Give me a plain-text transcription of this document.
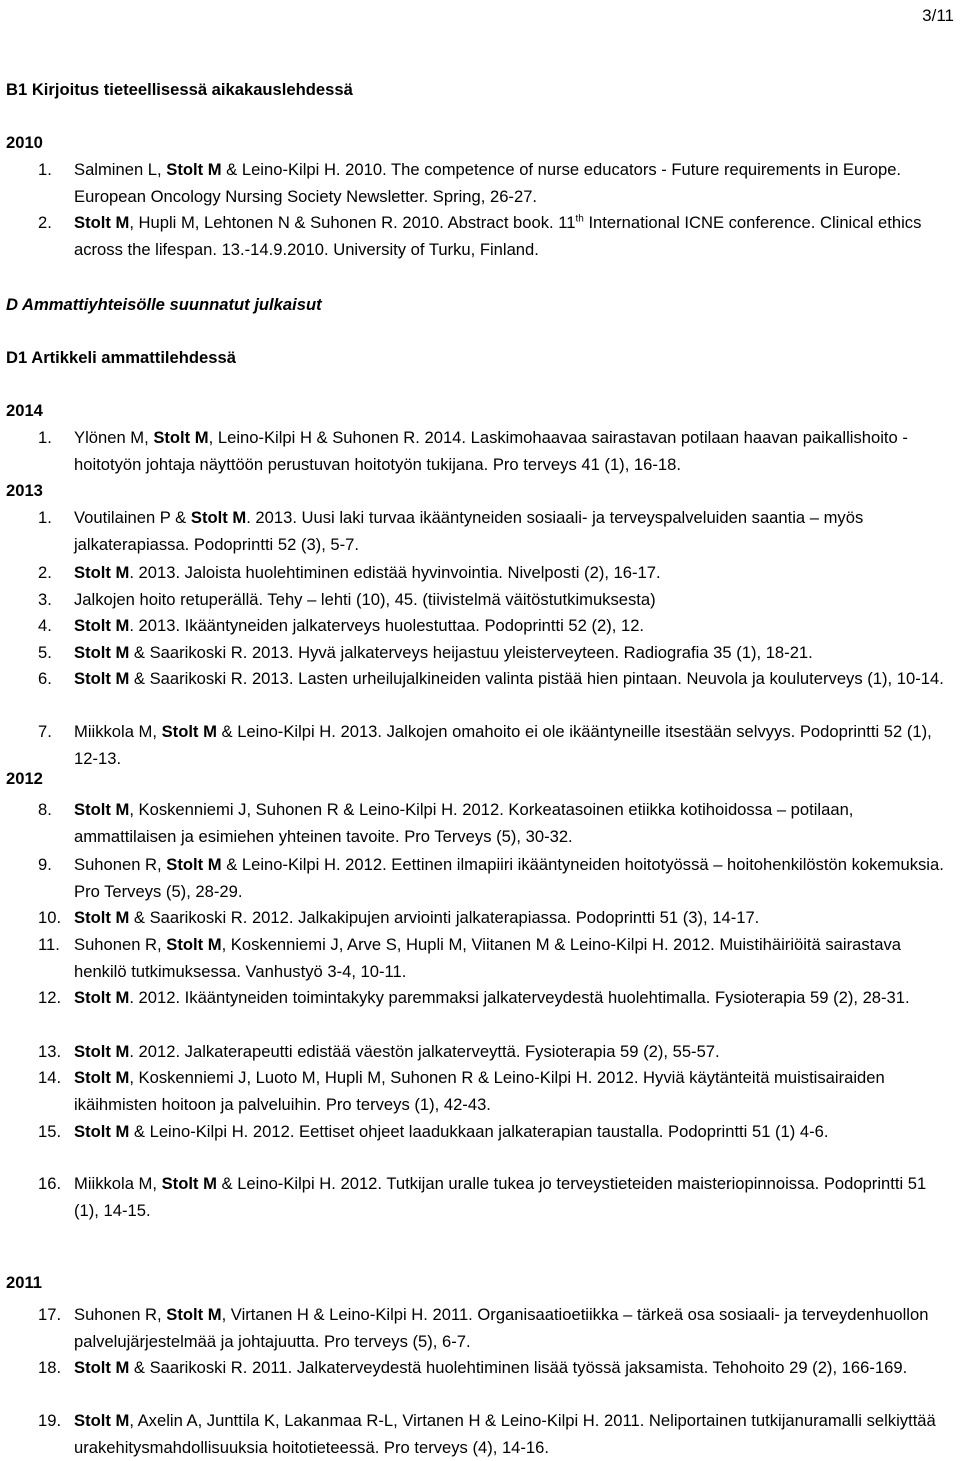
3/11
B1 Kirjoitus tieteellisessä aikakauslehdessä
2010
1.	Salminen L, Stolt M & Leino-Kilpi H. 2010. The competence of nurse educators - Future requirements in Europe. European Oncology Nursing Society Newsletter. Spring, 26-27.
2.	Stolt M, Hupli M, Lehtonen N & Suhonen R. 2010. Abstract book. 11th International ICNE conference. Clinical ethics across the lifespan. 13.-14.9.2010. University of Turku, Finland.
D Ammattiyhteisölle suunnatut julkaisut
D1 Artikkeli ammattilehdessä
2014
1.	Ylönen M, Stolt M, Leino-Kilpi H & Suhonen R. 2014. Laskimohaavaa sairastavan potilaan haavan paikallishoito - hoitotyön johtaja näyttöön perustuvan hoitotyön tukijana. Pro terveys 41 (1), 16-18.
2013
1.	Voutilainen P & Stolt M. 2013. Uusi laki turvaa ikääntyneiden sosiaali- ja terveyspalveluiden saantia – myös jalkaterapiassa. Podoprintti 52 (3), 5-7.
2.	Stolt M. 2013. Jaloista huolehtiminen edistää hyvinvointia. Nivelposti (2), 16-17.
3.	Jalkojen hoito retuperällä. Tehy – lehti (10), 45. (tiivistelmä väitöstutkimuksesta)
4.	Stolt M. 2013. Ikääntyneiden jalkaterveys huolestuttaa. Podoprintti 52 (2), 12.
5.	Stolt M & Saarikoski R. 2013. Hyvä jalkaterveys heijastuu yleisterveyteen. Radiografia 35 (1), 18-21.
6.	Stolt M & Saarikoski R. 2013. Lasten urheilujalkineiden valinta pistää hien pintaan. Neuvola ja kouluterveys (1), 10-14.
7.	Miikkola M, Stolt M & Leino-Kilpi H. 2013. Jalkojen omahoito ei ole ikääntyneille itsestään selvyys. Podoprintti 52 (1), 12-13.
2012
8.	Stolt M, Koskenniemi J, Suhonen R & Leino-Kilpi H. 2012. Korkeatasoinen etiikka kotihoidossa – potilaan, ammattilaisen ja esimiehen yhteinen tavoite. Pro Terveys (5), 30-32.
9.	Suhonen R, Stolt M & Leino-Kilpi H. 2012. Eettinen ilmapiiri ikääntyneiden hoitotyössä – hoitohenkilöstön kokemuksia. Pro Terveys (5), 28-29.
10. Stolt M & Saarikoski R. 2012. Jalkakipujen arviointi jalkaterapiassa. Podoprintti 51 (3), 14-17.
11. Suhonen R, Stolt M, Koskenniemi J, Arve S, Hupli M, Viitanen M & Leino-Kilpi H. 2012. Muistihäiriöitä sairastava henkilö tutkimuksessa. Vanhustyö 3-4, 10-11.
12. Stolt M. 2012. Ikääntyneiden toimintakyky paremmaksi jalkaterveydestä huolehtimalla. Fysioterapia 59 (2), 28-31.
13. Stolt M. 2012. Jalkaterapeutti edistää väestön jalkaterveyttä. Fysioterapia 59 (2), 55-57.
14. Stolt M, Koskenniemi J, Luoto M, Hupli M, Suhonen R & Leino-Kilpi H. 2012. Hyviä käytänteitä muistisairaiden ikäihmisten hoitoon ja palveluihin. Pro terveys (1), 42-43.
15. Stolt M & Leino-Kilpi H. 2012. Eettiset ohjeet laadukkaan jalkaterapian taustalla. Podoprintti 51 (1) 4-6.
16. Miikkola M, Stolt M & Leino-Kilpi H. 2012. Tutkijan uralle tukea jo terveystieteiden maisteriopinnoissa. Podoprintti 51 (1), 14-15.
2011
17. Suhonen R, Stolt M, Virtanen H & Leino-Kilpi H. 2011. Organisaatioetiikka – tärkeä osa sosiaali- ja terveydenhuollon palvelujärjestelmää ja johtajuutta. Pro terveys (5), 6-7.
18. Stolt M & Saarikoski R. 2011. Jalkaterveydestä huolehtiminen lisää työssä jaksamista. Tehohoito 29 (2), 166-169.
19. Stolt M, Axelin A, Junttila K, Lakanmaa R-L, Virtanen H & Leino-Kilpi H. 2011. Neliportainen tutkijanuramalli selkiyttää urakehitysmahdollisuuksia hoitotieteessä. Pro terveys (4), 14-16.
